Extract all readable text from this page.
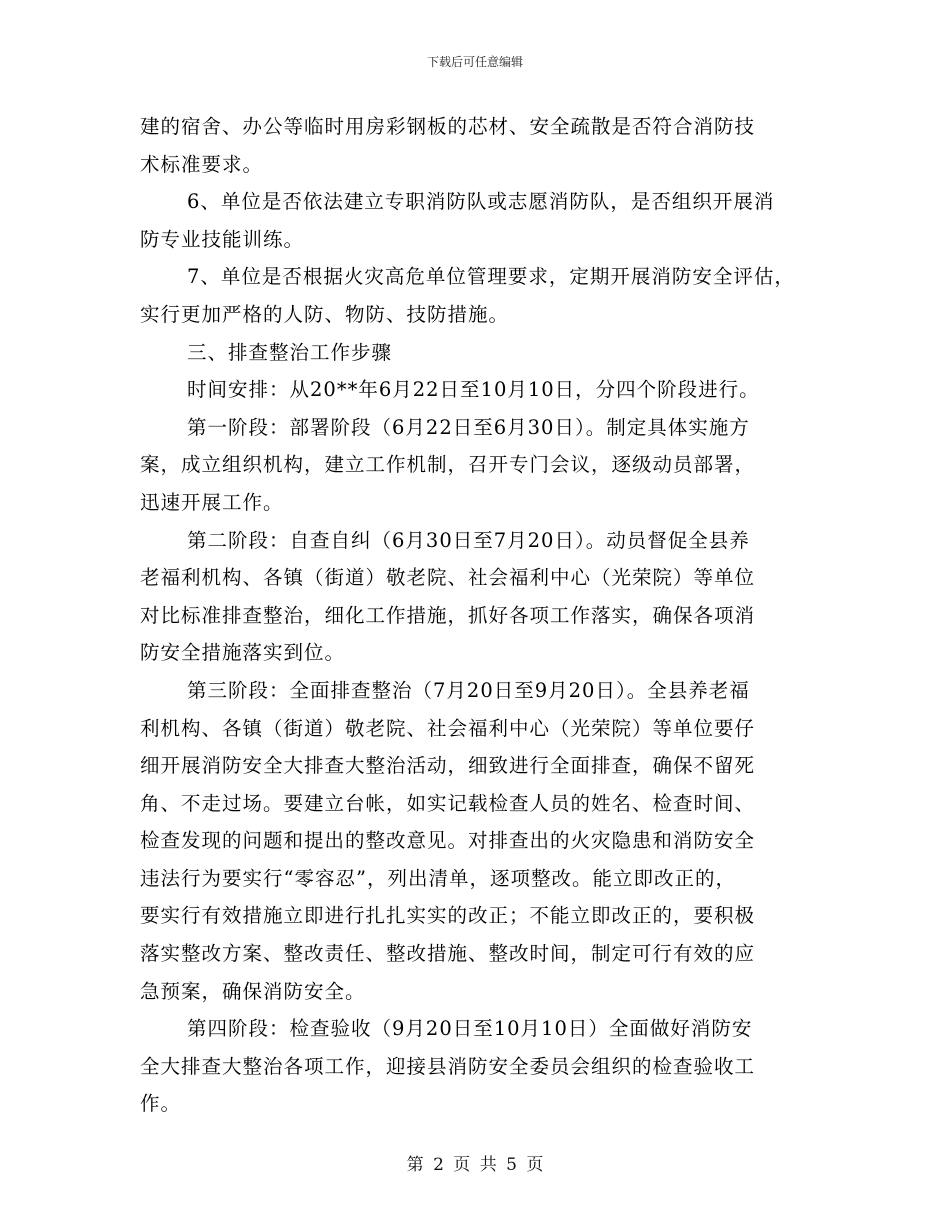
下载后可任意编辑
建的宿舍、办公等临时用房彩钢板的芯材、安全疏散是否符合消防技
术标准要求。
6、单位是否依法建立专职消防队或志愿消防队，是否组织开展消
防专业技能训练。
7、单位是否根据火灾高危单位管理要求，定期开展消防安全评估，
实行更加严格的人防、物防、技防措施。
三、排查整治工作步骤
时间安排：从20**年6月22日至10月10日，分四个阶段进行。
第一阶段：部署阶段（6月22日至6月30日）。制定具体实施方
案，成立组织机构，建立工作机制，召开专门会议，逐级动员部署，
迅速开展工作。
第二阶段：自查自纠（6月30日至7月20日）。动员督促全县养
老福利机构、各镇（街道）敬老院、社会福利中心（光荣院）等单位
对比标准排查整治，细化工作措施，抓好各项工作落实，确保各项消
防安全措施落实到位。
第三阶段：全面排查整治（7月20日至9月20日）。全县养老福
利机构、各镇（街道）敬老院、社会福利中心（光荣院）等单位要仔
细开展消防安全大排查大整治活动，细致进行全面排查，确保不留死
角、不走过场。要建立台帐，如实记载检查人员的姓名、检查时间、
检查发现的问题和提出的整改意见。对排查出的火灾隐患和消防安全
违法行为要实行“零容忍”，列出清单，逐项整改。能立即改正的，
要实行有效措施立即进行扎扎实实的改正；不能立即改正的，要积极
落实整改方案、整改责任、整改措施、整改时间，制定可行有效的应
急预案，确保消防安全。
第四阶段：检查验收（9月20日至10月10日）全面做好消防安
全大排查大整治各项工作，迎接县消防安全委员会组织的检查验收工
作。
第 2 页 共 5 页
